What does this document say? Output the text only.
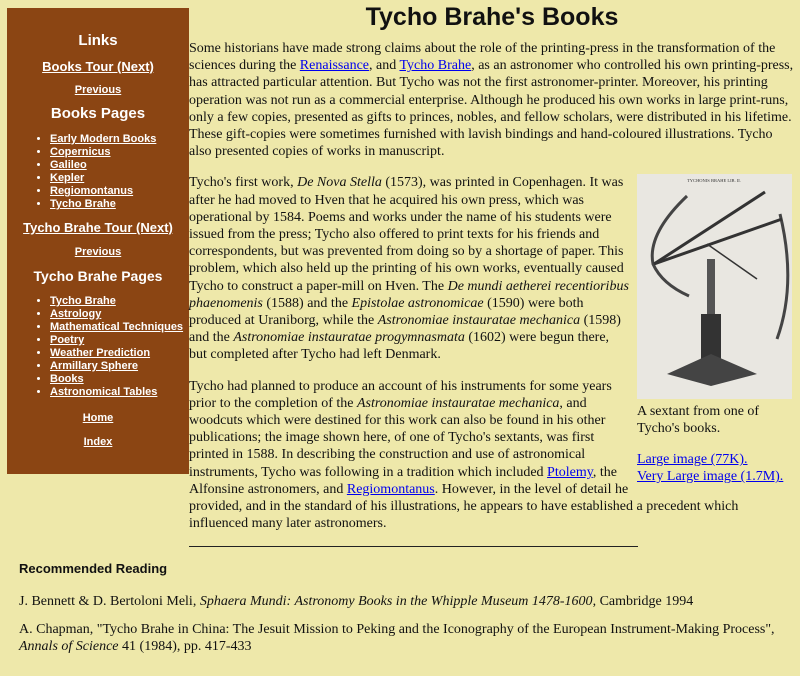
Tycho Brahe's Books

Links

Books Tour (Next)

Previous

Books Pages

• Early Modern Books
• Copernicus
• Galileo
• Kepler
• Regiomontanus
• Tycho Brahe

Tycho Brahe Tour (Next)

Previous

Tycho Brahe Pages

• Tycho Brahe
• Astrology
• Mathematical Techniques
• Poetry
• Weather Prediction
• Armillary Sphere
• Books
• Astronomical Tables

Home

Index

Some historians have made strong claims about the role of the printing-press in the transformation of the sciences during the Renaissance, and Tycho Brahe, as an astronomer who controlled his own printing-press, has attracted particular attention. But Tycho was not the first astronomer-printer. Moreover, his printing operation was not run as a commercial enterprise. Although he produced his own works in large print-runs, only a few copies, presented as gifts to princes, nobles, and fellow scholars, were distributed in his lifetime. These gift-copies were sometimes furnished with lavish bindings and hand-coloured illustrations. Tycho also presented copies of works in manuscript.

TYCHONIS BRAHE LIB. II.

A sextant from one of Tycho's books.

Large image (77K).
Very Large image (1.7M).

Tycho's first work, De Nova Stella (1573), was printed in Copenhagen. It was after he had moved to Hven that he acquired his own press, which was operational by 1584. Poems and works under the name of his students were issued from the press; Tycho also offered to print texts for his friends and correspondents, but was prevented from doing so by a shortage of paper. This problem, which also held up the printing of his own works, eventually caused Tycho to construct a paper-mill on Hven. The De mundi aetherei recentioribus phaenomenis (1588) and the Epistolae astronomicae (1590) were both produced at Uraniborg, while the Astronomiae instauratae mechanica (1598) and the Astronomiae instauratae progymnasmata (1602) were begun there, but completed after Tycho had left Denmark.

Tycho had planned to produce an account of his instruments for some years prior to the completion of the Astronomiae instauratae mechanica, and woodcuts which were destined for this work can also be found in his other publications; the image shown here, of one of Tycho's sextants, was first printed in 1588. In describing the construction and use of astronomical instruments, Tycho was following in a tradition which included Ptolemy, the Alfonsine astronomers, and Regiomontanus. However, in the level of detail he provided, and in the standard of his illustrations, he appears to have established a precedent which influenced many later astronomers.

Recommended Reading

J. Bennett & D. Bertoloni Meli, Sphaera Mundi: Astronomy Books in the Whipple Museum 1478-1600, Cambridge 1994

A. Chapman, "Tycho Brahe in China: The Jesuit Mission to Peking and the Iconography of the European Instrument-Making Process", Annals of Science 41 (1984), pp. 417-433
